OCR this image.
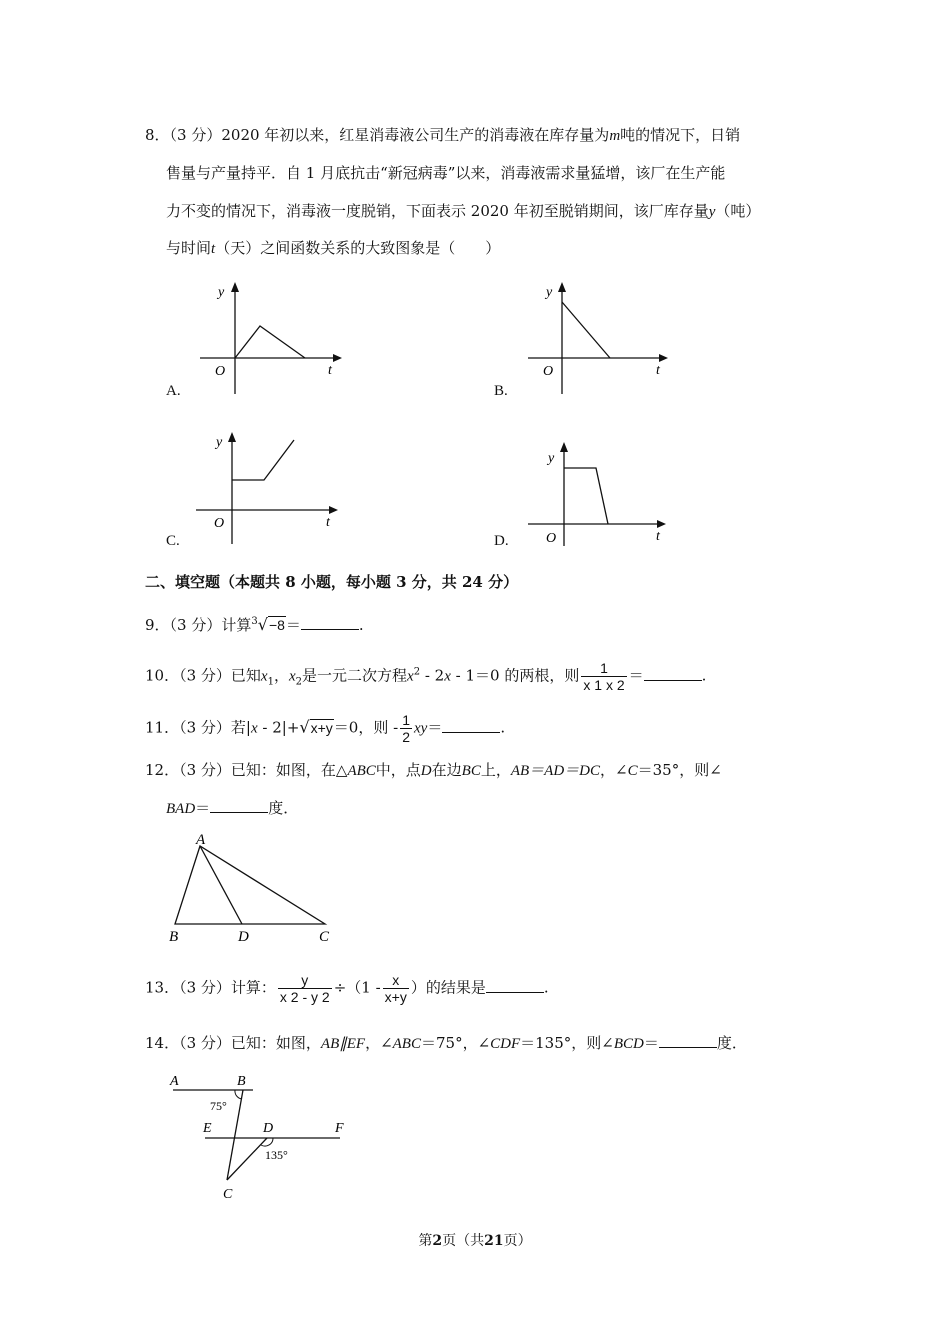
8．（3 分）2020 年初以来，红星消毒液公司生产的消毒液在库存量为m吨的情况下，日销
售量与产量持平．自 1 月底抗击“新冠病毒”以来，消毒液需求量猛增，该厂在生产能
力不变的情况下，消毒液一度脱销，下面表示 2020 年初至脱销期间，该厂库存量y（吨）
与时间t（天）之间函数关系的大致图象是（　　）
y
t
O
A.
y
t
O
B.
y
t
O
C.
y
t
O
D.
二、填空题（本题共 8 小题，每小题 3 分，共 24 分）
9．（3 分）计算$^3$√−8＝	.
10．（3 分）已知$x_1$，$x_2$是一元二次方程$x^2 - 2x - 1=0$ 的两根，则 $\frac{1}{x 1 x 2}$ ＝	.
11．（3 分）若|x - 2|+√x+y＝0，则 - $\frac{1}{2} xy=$	.
12．（3 分）已知：如图，在△ABC中，点D在边BC上，AB＝AD＝DC，∠C＝35°，则∠
BAD＝	度．
A
B	D	C
13．（3 分）计算： $\frac{y}{x 2 - y 2} \div(1 - \frac{x}{x+y}$ ）的结果是	.
14．（3 分）已知：如图，AB∥EF，∠ABC＝75°，∠CDF＝135°，则∠BCD＝	度．
A	B
75°
E	D	F
135°
C
第2页（共21页）
